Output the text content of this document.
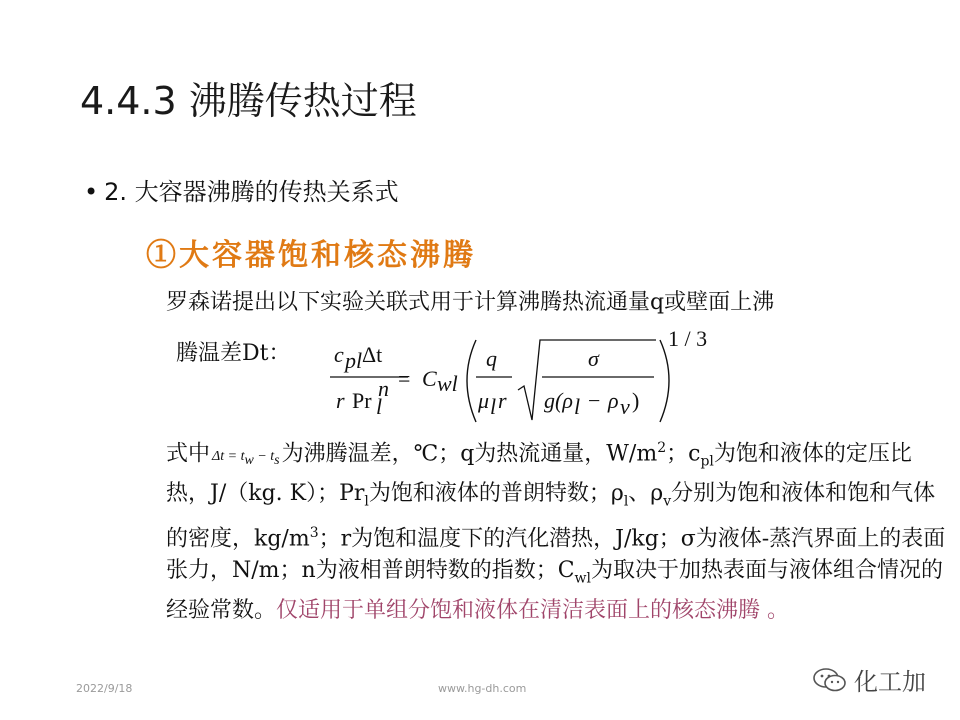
4.4.3 沸腾传热过程
• 2. 大容器沸腾的传热关系式
①大容器饱和核态沸腾
罗森诺提出以下实验关联式用于计算沸腾热流通量q或壁面上沸
腾温差Dt： c pl Δt
r Pr l
n = C wl
q
μ l r
σ
g(ρ l − ρ v )
1 / 3
式中 $\Delta t = t_w - t_s$为沸腾温差，℃；q为热流通量，$W/m^2$；$c_{pl}$为饱和液体的定压比热，J/（kg. K）；$Pr_l$为饱和液体的普朗特数；$\rho_l$、$\rho_v$分别为饱和液体和饱和气体的密度，$kg/m^3$；r为饱和温度下的汽化潜热，J/kg；σ为液体-蒸汽界面上的表面张力，N/m；n为液相普朗特数的指数；$C_{wl}$为取决于加热表面与液体组合情况的经验常数。仅适用于单组分饱和液体在清洁表面上的核态沸腾 。
2022/9/18	www.hg-dh.com	化工加
